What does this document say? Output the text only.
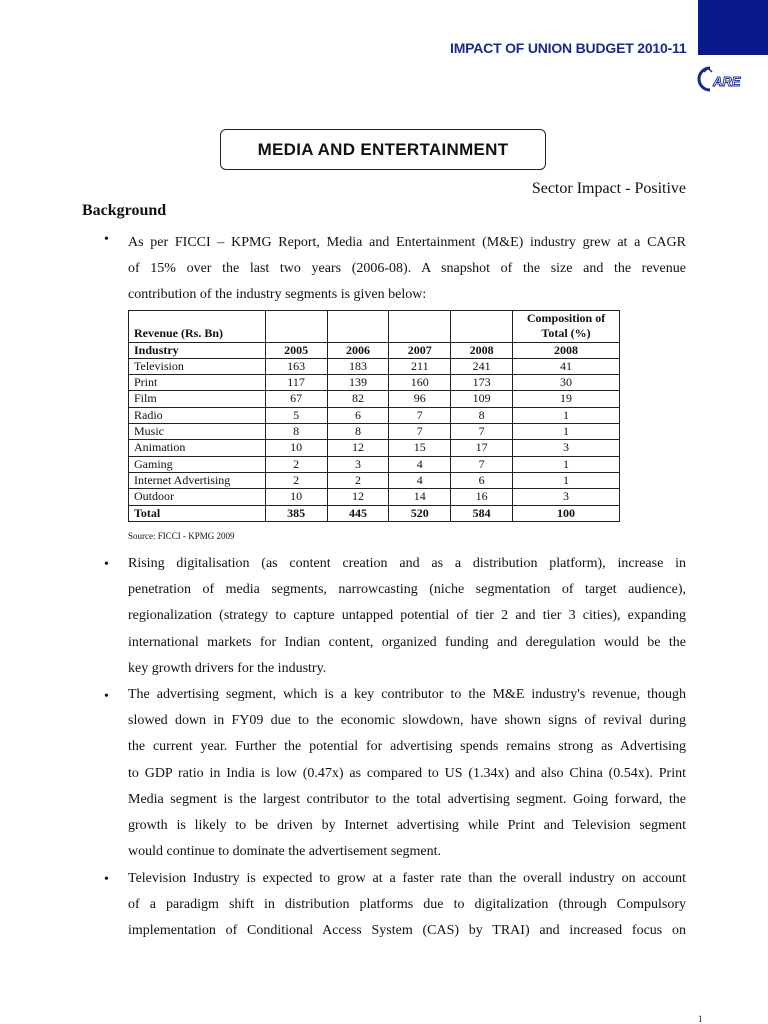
IMPACT OF UNION BUDGET 2010-11
ARE
MEDIA AND ENTERTAINMENT
Sector Impact - Positive
Background
• As per FICCI – KPMG Report, Media and Entertainment (M&E) industry grew at a CAGR
of 15% over the last two years (2006-08). A snapshot of the size and the revenue
contribution of the industry segments is given below:
Revenue (Rs. Bn)					Composition of Total (%)
Industry	2005	2006	2007	2008	2008
Television	163	183	211	241	41
Print	117	139	160	173	30
Film	67	82	96	109	19
Radio	5	6	7	8	1
Music	8	8	7	7	1
Animation	10	12	15	17	3
Gaming	2	3	4	7	1
Internet Advertising	2	2	4	6	1
Outdoor	10	12	14	16	3
Total	385	445	520	584	100
Source: FICCI - KPMG 2009
• Rising digitalisation (as content creation and as a distribution platform), increase in
penetration of media segments, narrowcasting (niche segmentation of target audience),
regionalization (strategy to capture untapped potential of tier 2 and tier 3 cities), expanding
international markets for Indian content, organized funding and deregulation would be the
key growth drivers for the industry.
• The advertising segment, which is a key contributor to the M&E industry's revenue, though
slowed down in FY09 due to the economic slowdown, have shown signs of revival during
the current year. Further the potential for advertising spends remains strong as Advertising
to GDP ratio in India is low (0.47x) as compared to US (1.34x) and also China (0.54x). Print
Media segment is the largest contributor to the total advertising segment. Going forward, the
growth is likely to be driven by Internet advertising while Print and Television segment
would continue to dominate the advertisement segment.
• Television Industry is expected to grow at a faster rate than the overall industry on account
of a paradigm shift in distribution platforms due to digitalization (through Compulsory
implementation of Conditional Access System (CAS) by TRAI) and increased focus on
1
